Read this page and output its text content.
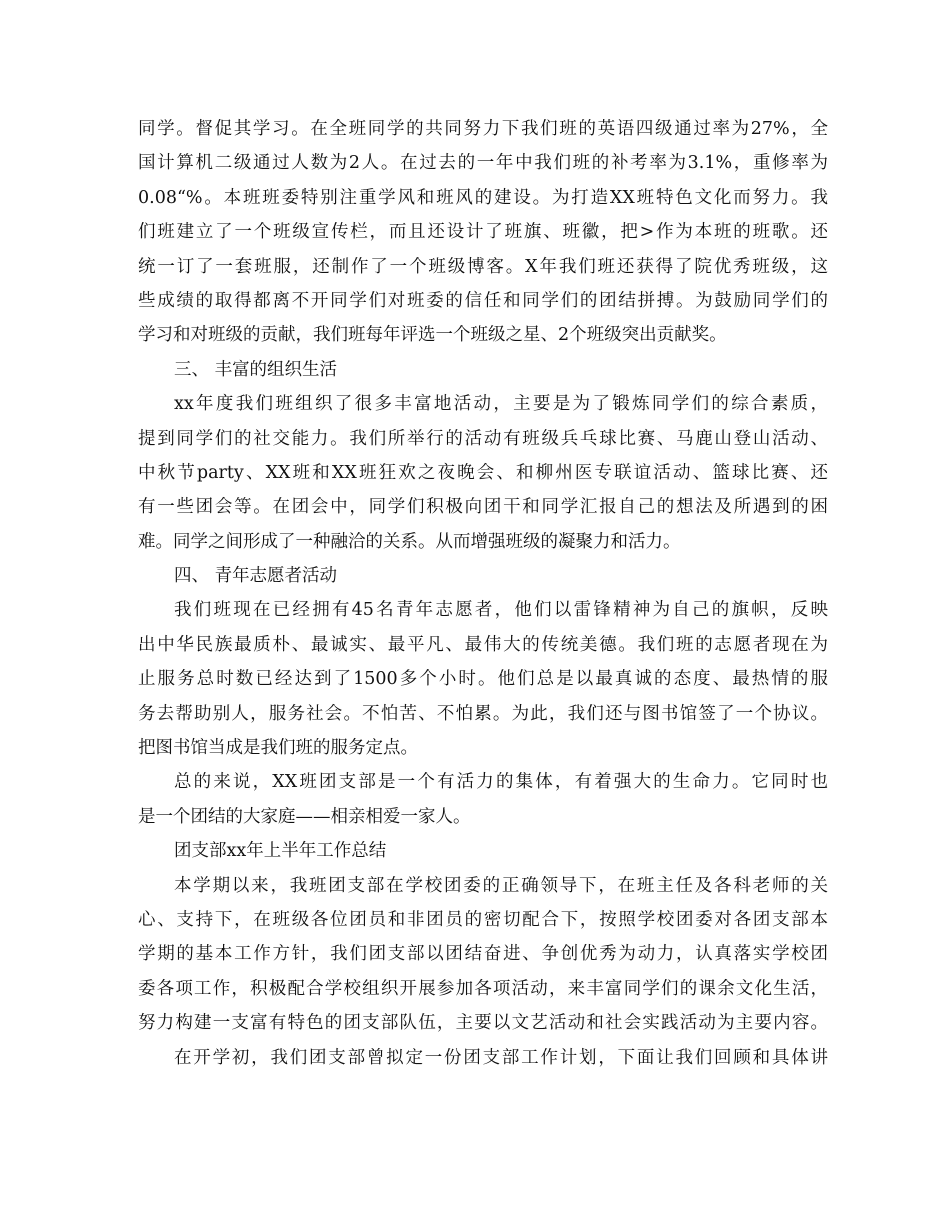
同学。督促其学习。在全班同学的共同努力下我们班的英语四级通过率为27%，全
国计算机二级通过人数为2人。在过去的一年中我们班的补考率为3.1%，重修率为
0.08“%。本班班委特别注重学风和班风的建设。为打造XX班特色文化而努力。我
们班建立了一个班级宣传栏，而且还设计了班旗、班徽，把>作为本班的班歌。还
统一订了一套班服，还制作了一个班级博客。X年我们班还获得了院优秀班级，这
些成绩的取得都离不开同学们对班委的信任和同学们的团结拼搏。为鼓励同学们的
学习和对班级的贡献，我们班每年评选一个班级之星、2个班级突出贡献奖。
三、 丰富的组织生活
xx年度我们班组织了很多丰富地活动，主要是为了锻炼同学们的综合素质，
提到同学们的社交能力。我们所举行的活动有班级兵乓球比赛、马鹿山登山活动、
中秋节party、XX班和XX班狂欢之夜晚会、和柳州医专联谊活动、篮球比赛、还
有一些团会等。在团会中，同学们积极向团干和同学汇报自己的想法及所遇到的困
难。同学之间形成了一种融洽的关系。从而增强班级的凝聚力和活力。
四、 青年志愿者活动
我们班现在已经拥有45名青年志愿者，他们以雷锋精神为自己的旗帜，反映
出中华民族最质朴、最诚实、最平凡、最伟大的传统美德。我们班的志愿者现在为
止服务总时数已经达到了1500多个小时。他们总是以最真诚的态度、最热情的服
务去帮助别人，服务社会。不怕苦、不怕累。为此，我们还与图书馆签了一个协议。
把图书馆当成是我们班的服务定点。
总的来说，XX班团支部是一个有活力的集体，有着强大的生命力。它同时也
是一个团结的大家庭——相亲相爱一家人。
团支部xx年上半年工作总结
本学期以来，我班团支部在学校团委的正确领导下，在班主任及各科老师的关
心、支持下，在班级各位团员和非团员的密切配合下，按照学校团委对各团支部本
学期的基本工作方针，我们团支部以团结奋进、争创优秀为动力，认真落实学校团
委各项工作，积极配合学校组织开展参加各项活动，来丰富同学们的课余文化生活，
努力构建一支富有特色的团支部队伍，主要以文艺活动和社会实践活动为主要内容。
在开学初，我们团支部曾拟定一份团支部工作计划，下面让我们回顾和具体讲
